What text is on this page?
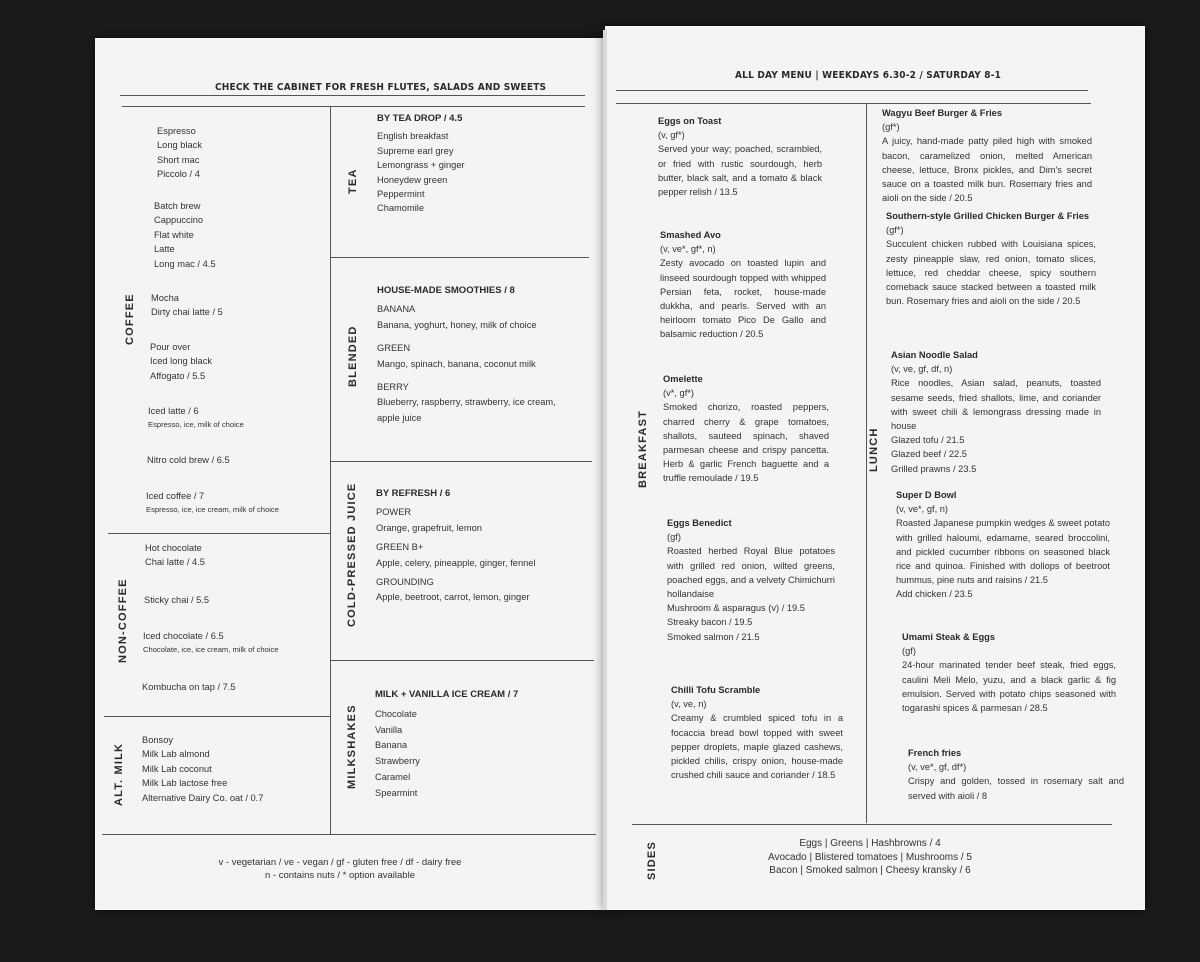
CHECK THE CABINET FOR FRESH FLUTES, SALADS AND SWEETS
COFFEE
Espresso
Long black
Short mac
Piccolo / 4
Batch brew
Cappuccino
Flat white
Latte
Long mac / 4.5
Mocha
Dirty chai latte / 5
Pour over
Iced long black
Affogato / 5.5
Iced latte / 6
Espresso, ice, milk of choice
Nitro cold brew / 6.5
Iced coffee / 7
Espresso, ice, ice cream, milk of choice
NON-COFFEE
Hot chocolate
Chai latte / 4.5
Sticky chai / 5.5
Iced chocolate / 6.5
Chocolate, ice, ice cream, milk of choice
Kombucha on tap / 7.5
ALT. MILK
Bonsoy
Milk Lab almond
Milk Lab coconut
Milk Lab lactose free
Alternative Dairy Co. oat / 0.7
TEA
BY TEA DROP / 4.5
English breakfast
Supreme earl grey
Lemongrass + ginger
Honeydew green
Peppermint
Chamomile
BLENDED
HOUSE-MADE SMOOTHIES / 8
BANANA
Banana, yoghurt, honey, milk of choice
GREEN
Mango, spinach, banana, coconut milk
BERRY
Blueberry, raspberry, strawberry, ice cream,
apple juice
COLD-PRESSED JUICE BY REFRESH / 6
POWER
Orange, grapefruit, lemon
GREEN B+
Apple, celery, pineapple, ginger, fennel
GROUNDING
Apple, beetroot, carrot, lemon, ginger
MILKSHAKES
MILK + VANILLA ICE CREAM / 7
Chocolate
Vanilla
Banana
Strawberry
Caramel
Spearmint
v - vegetarian / ve - vegan / gf - gluten free / df - dairy free
n - contains nuts / * option available
ALL DAY MENU | WEEKDAYS 6.30-2 / SATURDAY 8-1
BREAKFAST	LUNCH
SIDES
Eggs on Toast
(v, gf*)
Served your way; poached, scrambled, or fried with rustic sourdough, herb butter, black salt, and a tomato & black pepper relish / 13.5
Smashed Avo
(v, ve*, gf*, n)
Zesty avocado on toasted lupin and linseed sourdough topped with whipped Persian feta, rocket, house-made dukkha, and pearls. Served with an heirloom tomato Pico De Gallo and balsamic reduction / 20.5
Omelette
(v*, gf*)
Smoked chorizo, roasted peppers, charred cherry & grape tomatoes, shallots, sauteed spinach, shaved parmesan cheese and crispy pancetta. Herb & garlic French baguette and a truffle remoulade / 19.5
Eggs Benedict
(gf)
Roasted herbed Royal Blue potatoes with grilled red onion, wilted greens, poached eggs, and a velvety Chimichurri hollandaise
Mushroom & asparagus (v) / 19.5
Streaky bacon / 19.5
Smoked salmon / 21.5
Chilli Tofu Scramble
(v, ve, n)
Creamy & crumbled spiced tofu in a focaccia bread bowl topped with sweet pepper droplets, maple glazed cashews, pickled chilis, crispy onion, house-made crushed chili sauce and coriander / 18.5
Wagyu Beef Burger & Fries
(gf*)
A juicy, hand-made patty piled high with smoked bacon, caramelized onion, melted American cheese, lettuce, Bronx pickles, and Dim's secret sauce on a toasted milk bun. Rosemary fries and aioli on the side / 20.5
Southern-style Grilled Chicken Burger & Fries
(gf*)
Succulent chicken rubbed with Louisiana spices, zesty pineapple slaw, red onion, tomato slices, lettuce, red cheddar cheese, spicy southern comeback sauce stacked between a toasted milk bun. Rosemary fries and aioli on the side / 20.5
Asian Noodle Salad
(v, ve, gf, df, n)
Rice noodles, Asian salad, peanuts, toasted sesame seeds, fried shallots, lime, and coriander with sweet chili & lemongrass dressing made in house
Glazed tofu / 21.5
Glazed beef / 22.5
Grilled prawns / 23.5
Super D Bowl
(v, ve*, gf, n)
Roasted Japanese pumpkin wedges & sweet potato with grilled haloumi, edamame, seared broccolini, and pickled cucumber ribbons on seasoned black rice and quinoa. Finished with dollops of beetroot hummus, pine nuts and raisins / 21.5
Add chicken / 23.5
Umami Steak & Eggs
(gf)
24-hour marinated tender beef steak, fried eggs, caulini Meli Melo, yuzu, and a black garlic & fig emulsion. Served with potato chips seasoned with togarashi spices & parmesan / 28.5
French fries
(v, ve*, gf, df*)
Crispy and golden, tossed in rosemary salt and served with aioli / 8
Eggs | Greens | Hashbrowns / 4
Avocado | Blistered tomatoes | Mushrooms / 5
Bacon | Smoked salmon | Cheesy kransky / 6
